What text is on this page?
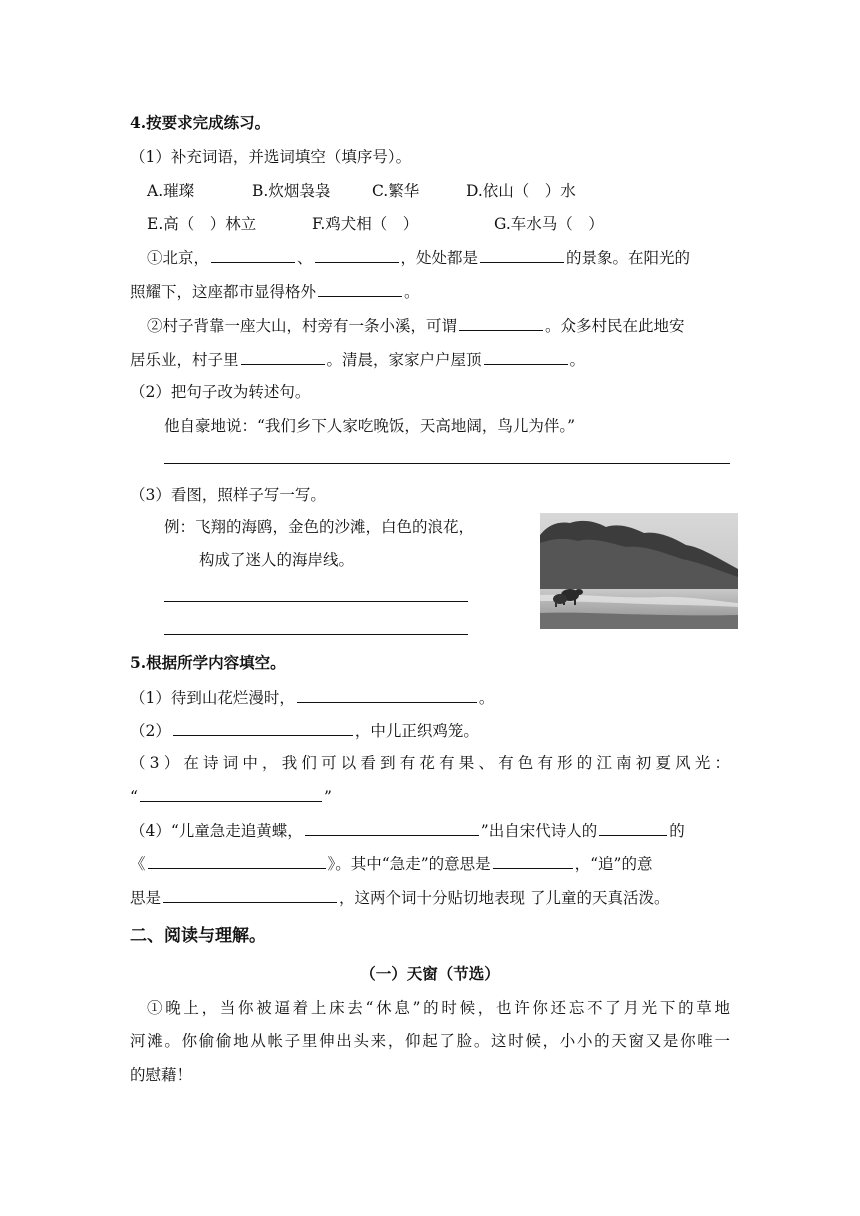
4.按要求完成练习。
（1）补充词语，并选词填空（填序号）。
A.璀璨	B.炊烟袅袅	C.繁华	D.依山（　）水
E.高（　）林立	F.鸡犬相（　）	G.车水马（　）
①北京，	、	，处处都是	的景象。在阳光的
照耀下，这座都市显得格外	。
②村子背靠一座大山，村旁有一条小溪，可谓	。众多村民在此地安
居乐业，村子里	。清晨，家家户户屋顶	。
（2）把句子改为转述句。
他自豪地说：“我们乡下人家吃晚饭，天高地阔，鸟儿为伴。”
（3）看图，照样子写一写。
例：飞翔的海鸥，金色的沙滩，白色的浪花，
构成了迷人的海岸线。
5.根据所学内容填空。
（1）待到山花烂漫时，	。
（2）	，中儿正织鸡笼。
（3）在诗词中，我们可以看到有花有果、有色有形的江南初夏风光：
“	”
（4）“儿童急走追黄蝶，	”出自宋代诗人的	的
《	》。其中“急走”的意思是	，“追”的意
思是	，这两个词十分贴切地表现 了儿童的天真活泼。
二、阅读与理解。
（一）天窗（节选）
①晚上，当你被逼着上床去“休息”的时候，也许你还忘不了月光下的草地
河滩。你偷偷地从帐子里伸出头来，仰起了脸。这时候，小小的天窗又是你唯一
的慰藉！
